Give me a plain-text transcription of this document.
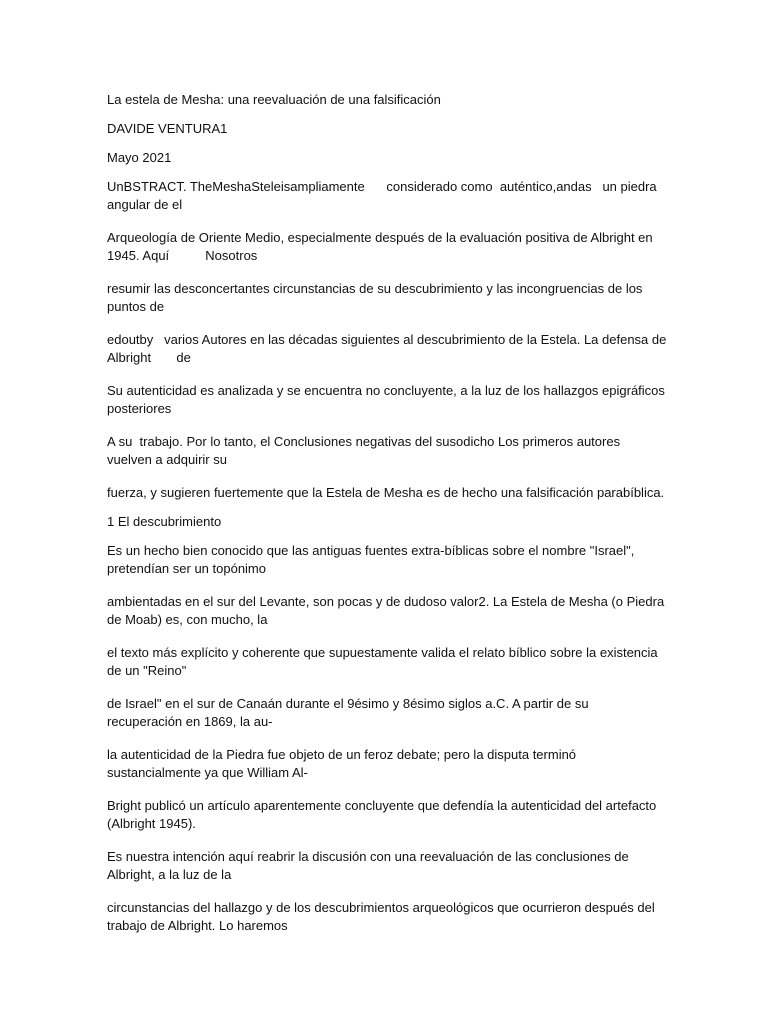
La estela de Mesha: una reevaluación de una falsificación

DAVIDE VENTURA1

Mayo 2021

UnBSTRACT. TheMeshaSteleisampliamente      considerado como  auténtico,andas   un piedra angular de el

Arqueología de Oriente Medio, especialmente después de la evaluación positiva de Albright en 1945. Aquí          Nosotros

resumir las desconcertantes circunstancias de su descubrimiento y las incongruencias de los puntos de

edoutby   varios Autores en las décadas siguientes al descubrimiento de la Estela. La defensa de Albright       de

Su autenticidad es analizada y se encuentra no concluyente, a la luz de los hallazgos epigráficos posteriores

A su  trabajo. Por lo tanto, el Conclusiones negativas del susodicho Los primeros autores vuelven a adquirir su

fuerza, y sugieren fuertemente que la Estela de Mesha es de hecho una falsificación parabíblica.

1 El descubrimiento

Es un hecho bien conocido que las antiguas fuentes extra-bíblicas sobre el nombre "Israel", pretendían ser un topónimo

ambientadas en el sur del Levante, son pocas y de dudoso valor2. La Estela de Mesha (o Piedra de Moab) es, con mucho, la

el texto más explícito y coherente que supuestamente valida el relato bíblico sobre la existencia de un "Reino"

de Israel" en el sur de Canaán durante el 9ésimo y 8ésimo siglos a.C. A partir de su recuperación en 1869, la au-

la autenticidad de la Piedra fue objeto de un feroz debate; pero la disputa terminó sustancialmente ya que William Al-

Bright publicó un artículo aparentemente concluyente que defendía la autenticidad del artefacto (Albright 1945).

Es nuestra intención aquí reabrir la discusión con una reevaluación de las conclusiones de Albright, a la luz de la

circunstancias del hallazgo y de los descubrimientos arqueológicos que ocurrieron después del trabajo de Albright. Lo haremos
